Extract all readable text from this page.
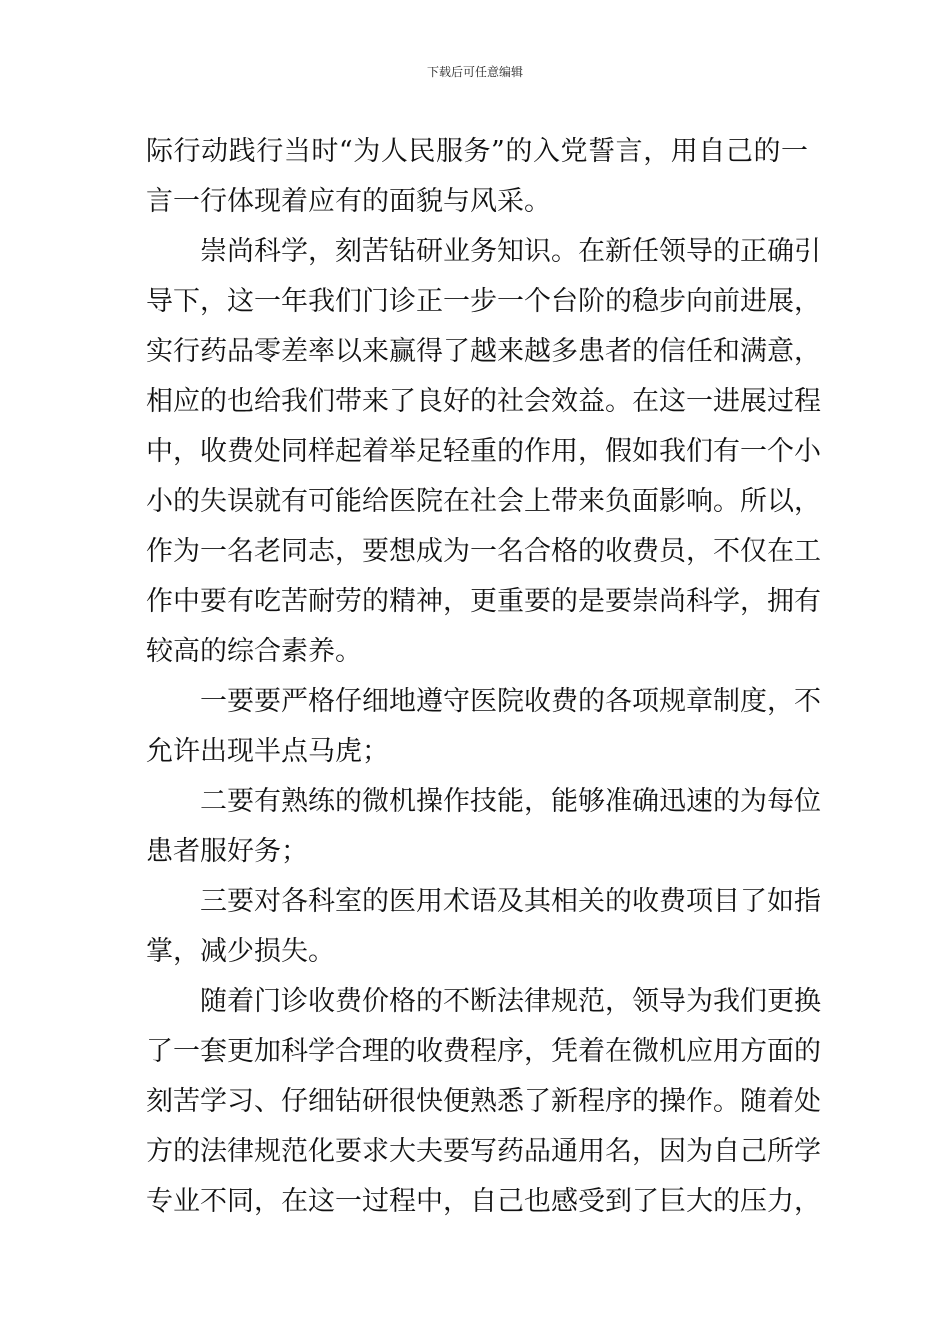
下载后可任意编辑
际行动践行当时“为人民服务”的入党誓言，用自己的一
言一行体现着应有的面貌与风采。
崇尚科学，刻苦钻研业务知识。在新任领导的正确引
导下，这一年我们门诊正一步一个台阶的稳步向前进展，
实行药品零差率以来赢得了越来越多患者的信任和满意，
相应的也给我们带来了良好的社会效益。在这一进展过程
中，收费处同样起着举足轻重的作用，假如我们有一个小
小的失误就有可能给医院在社会上带来负面影响。所以，
作为一名老同志，要想成为一名合格的收费员，不仅在工
作中要有吃苦耐劳的精神，更重要的是要崇尚科学，拥有
较高的综合素养。
一要要严格仔细地遵守医院收费的各项规章制度，不
允许出现半点马虎；
二要有熟练的微机操作技能，能够准确迅速的为每位
患者服好务；
三要对各科室的医用术语及其相关的收费项目了如指
掌，减少损失。
随着门诊收费价格的不断法律规范，领导为我们更换
了一套更加科学合理的收费程序，凭着在微机应用方面的
刻苦学习、仔细钻研很快便熟悉了新程序的操作。随着处
方的法律规范化要求大夫要写药品通用名，因为自己所学
专业不同，在这一过程中，自己也感受到了巨大的压力，
